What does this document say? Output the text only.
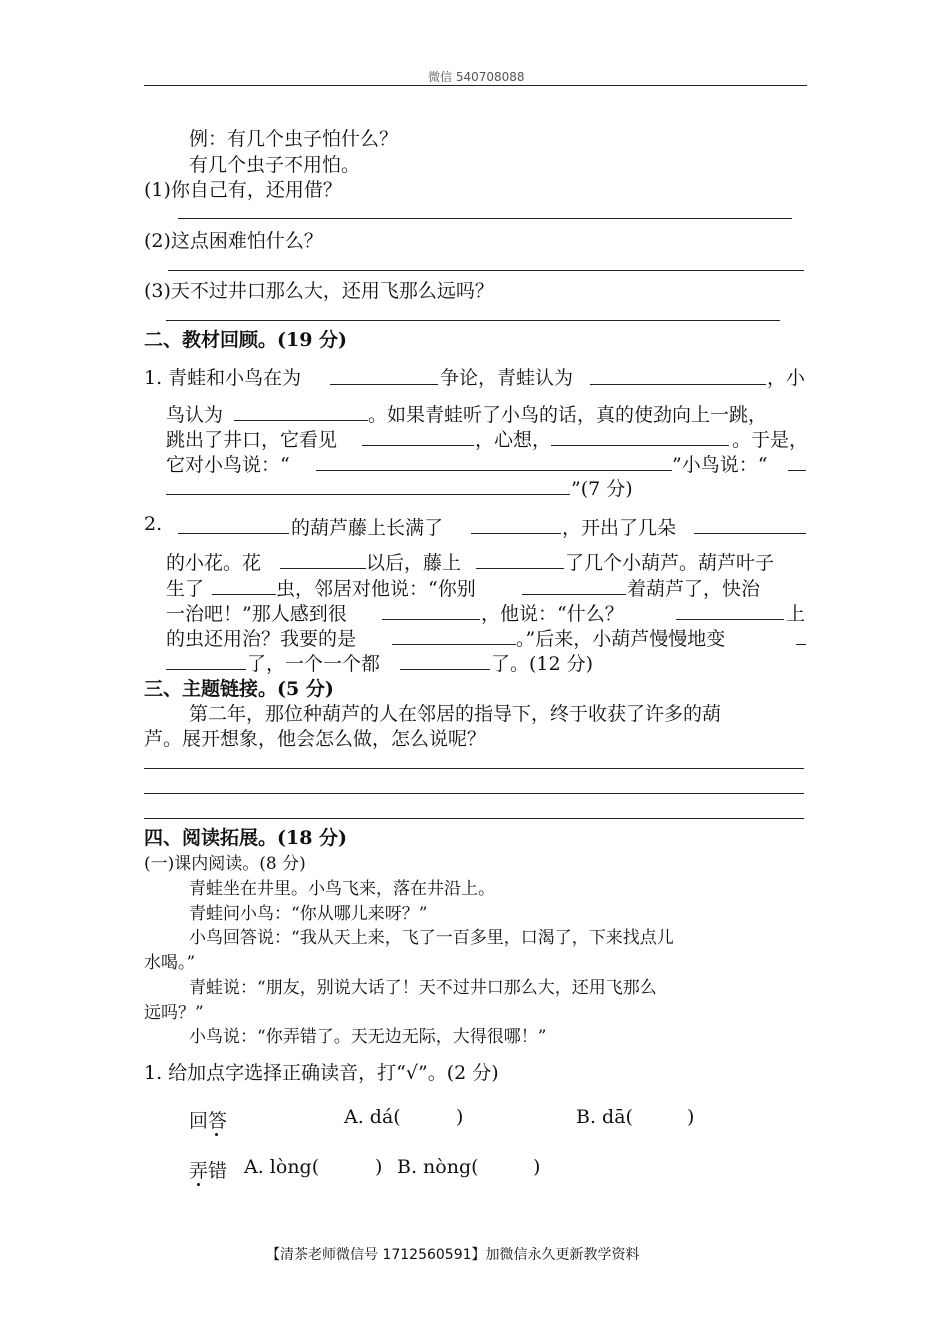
微信 540708088
例：有几个虫子怕什么？
有几个虫子不用怕。
(1)你自己有，还用借？
(2)这点困难怕什么？
(3)天不过井口那么大，还用飞那么远吗？
二、教材回顾。(19 分)
1. 青蛙和小鸟在为	争论，青蛙认为	，小
鸟认为	。如果青蛙听了小鸟的话，真的使劲向上一跳，
跳出了井口，它看见	，心想，	。于是，
它对小鸟说：“	”小鸟说：“
”(7 分)
2.	的葫芦藤上长满了	，开出了几朵
的小花。花	以后，藤上	了几个小葫芦。葫芦叶子
生了	虫，邻居对他说：“你别	着葫芦了，快治
一治吧！”那人感到很	，他说：“什么？	上
的虫还用治？我要的是	。”后来，小葫芦慢慢地变
了，一个一个都	了。(12 分)
三、主题链接。(5 分)
第二年，那位种葫芦的人在邻居的指导下，终于收获了许多的葫
芦。展开想象，他会怎么做，怎么说呢？
四、阅读拓展。(18 分)
(一)课内阅读。(8 分)
青蛙坐在井里。小鸟飞来，落在井沿上。
青蛙问小鸟：“你从哪儿来呀？”
小鸟回答说：“我从天上来，飞了一百多里，口渴了，下来找点儿
水喝。”
青蛙说：“朋友，别说大话了！天不过井口那么大，还用飞那么
远吗？”
小鸟说：“你弄错了。天无边无际，大得很哪！”
1. 给加点字选择正确读音，打“√”。(2 分)
回答	A. dá(	)	B. dā(	)
弄错 A. lòng(	) B. nòng(	)
【清茶老师微信号 1712560591】加微信永久更新教学资料
